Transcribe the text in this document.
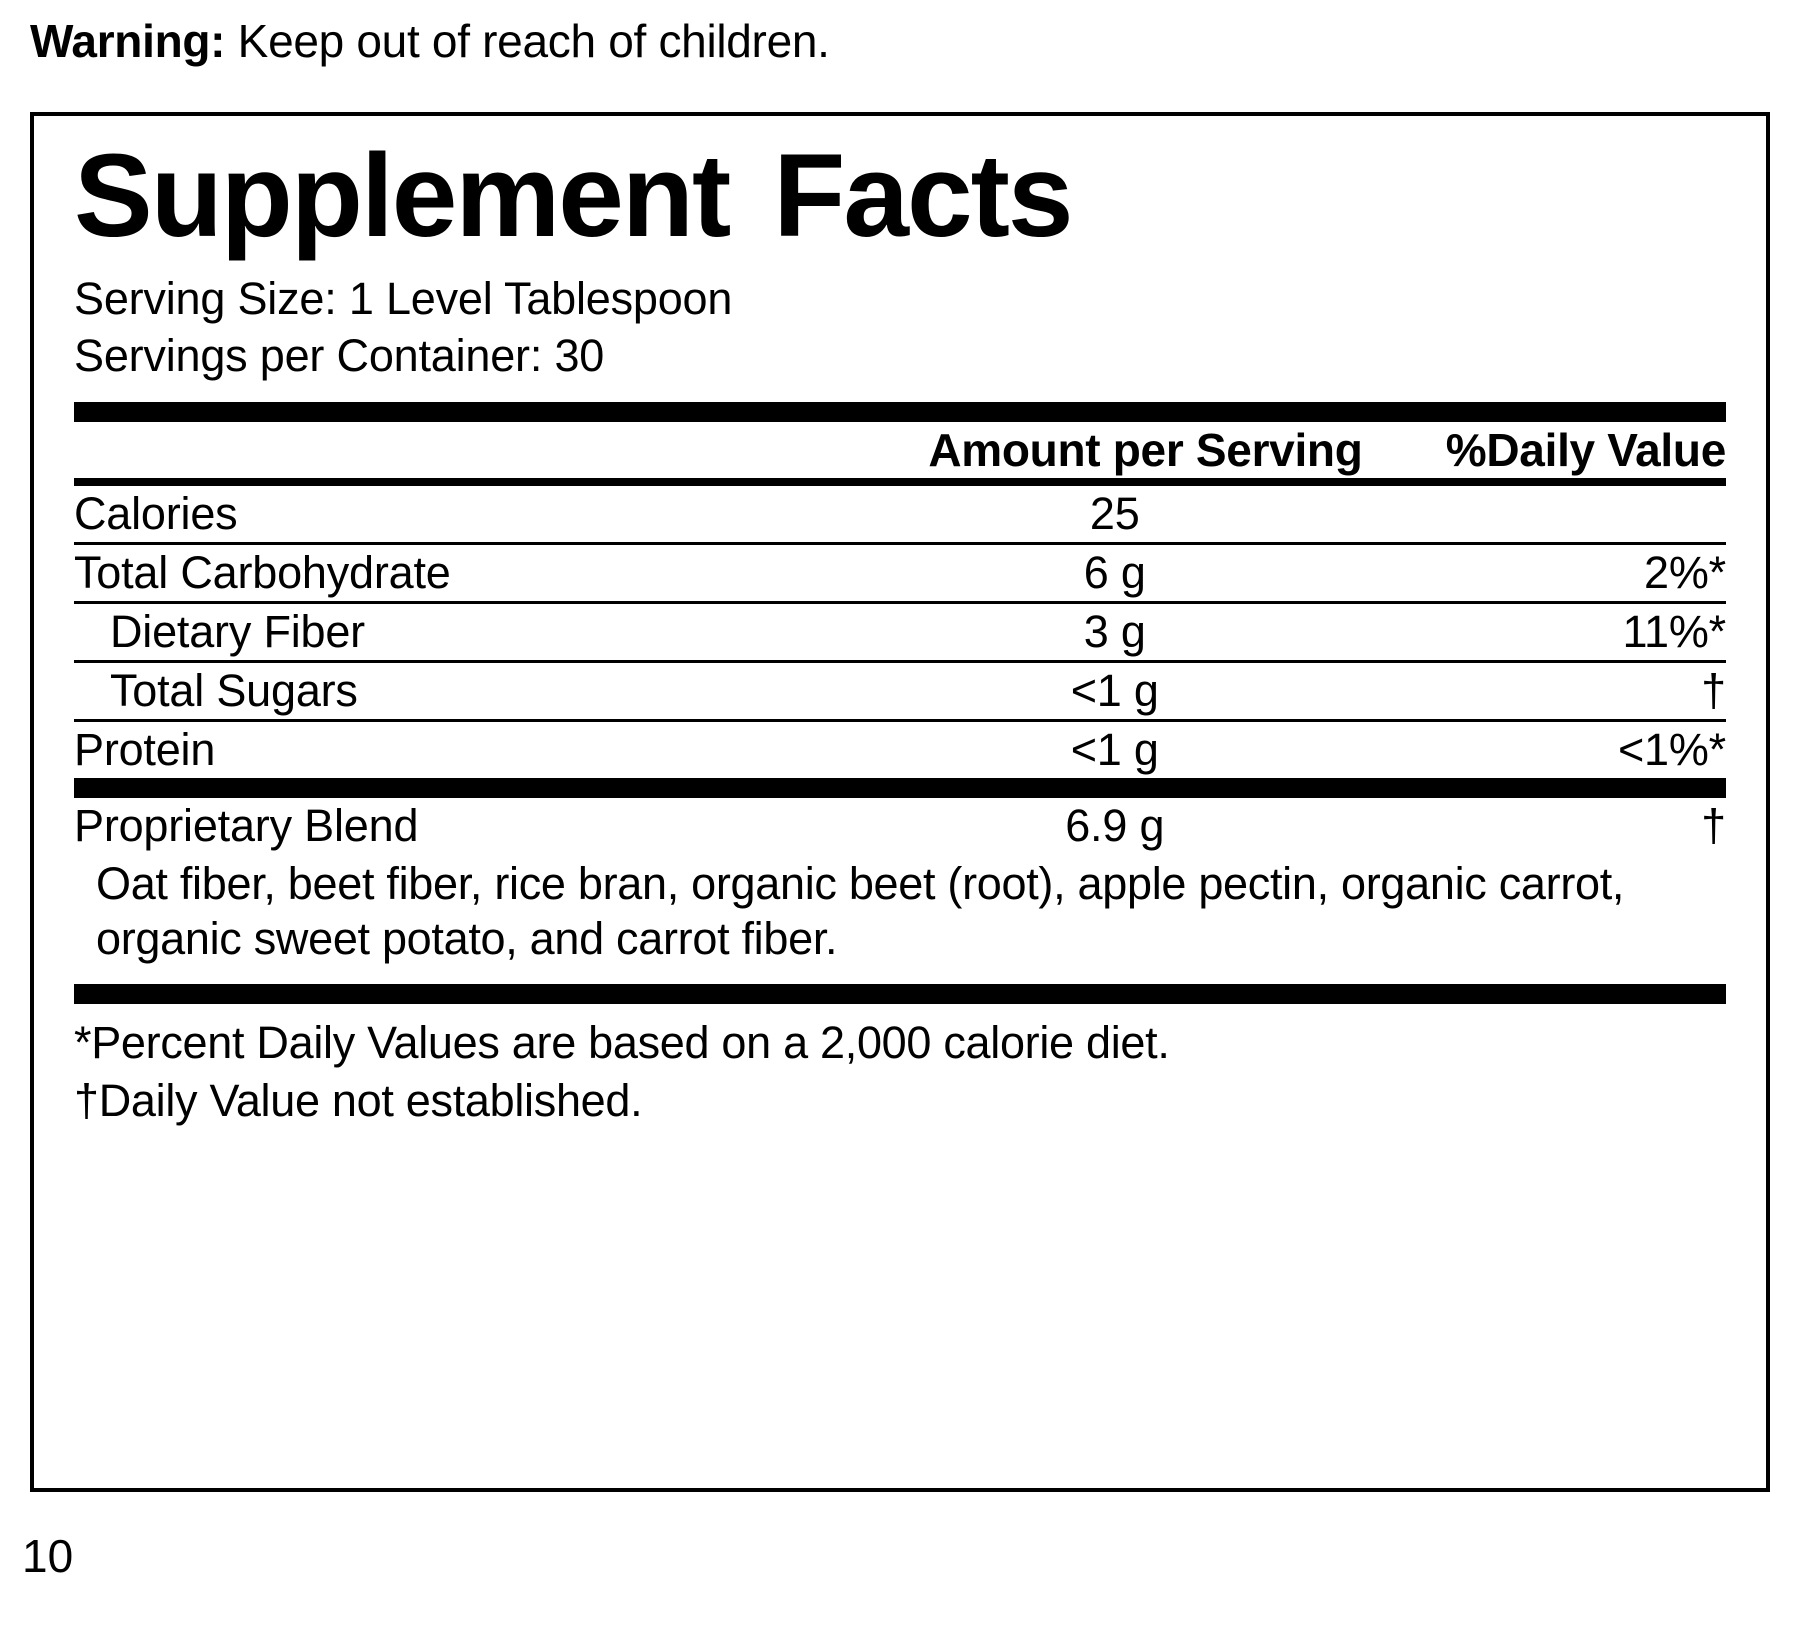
Warning: Keep out of reach of children.
Supplement Facts
Serving Size: 1 Level Tablespoon
Servings per Container: 30
	Amount per Serving	%Daily Value
Calories	25	
Total Carbohydrate	6 g	2%*
Dietary Fiber	3 g	11%*
Total Sugars	<1 g	†
Protein	<1 g	<1%*
Proprietary Blend	6.9 g	†
Oat fiber, beet fiber, rice bran, organic beet (root), apple pectin, organic carrot, organic sweet potato, and carrot fiber.
*Percent Daily Values are based on a 2,000 calorie diet.
†Daily Value not established.
10
